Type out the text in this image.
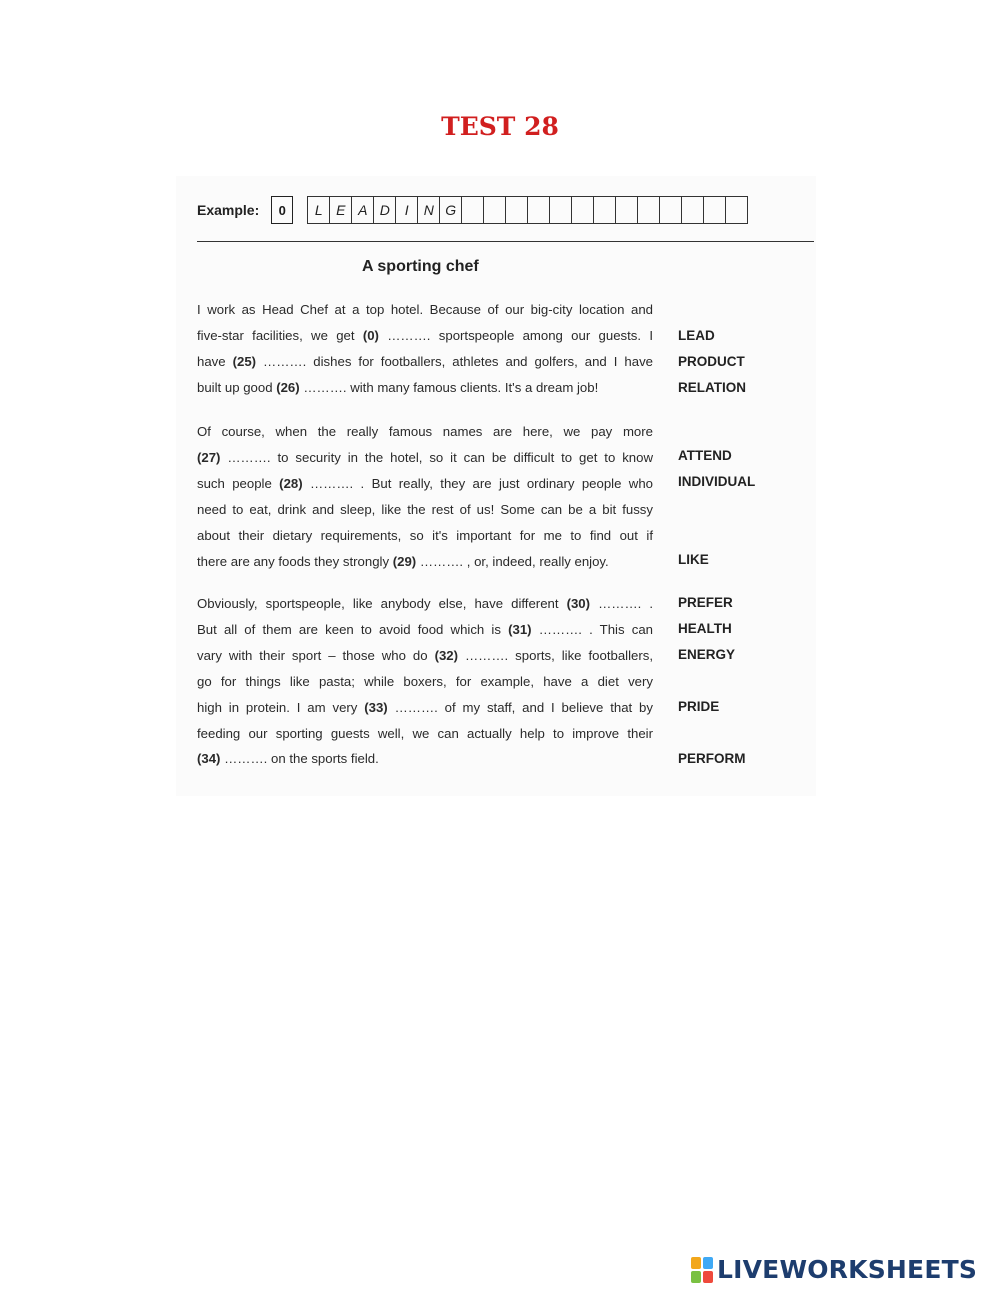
TEST 28
Example:	0	L E A D	I	N G
A sporting chef
I work as Head Chef at a top hotel. Because of our big-city location and
five-star facilities, we get (0) ………. sportspeople among our guests. I
have (25) ………. dishes for footballers, athletes and golfers, and I have
built up good (26) ………. with many famous clients. It's a dream job!
Of course, when the really famous names are here, we pay more
(27) ………. to security in the hotel, so it can be difficult to get to know
such people (28) ………. . But really, they are just ordinary people who
need to eat, drink and sleep, like the rest of us! Some can be a bit fussy
about their dietary requirements, so it's important for me to find out if
there are any foods they strongly (29) ………. , or, indeed, really enjoy.
Obviously, sportspeople, like anybody else, have different (30) ………. .
But all of them are keen to avoid food which is (31) ………. . This can
vary with their sport – those who do (32) ………. sports, like footballers,
go for things like pasta; while boxers, for example, have a diet very
high in protein. I am very (33) ………. of my staff, and I believe that by
feeding our sporting guests well, we can actually help to improve their
(34) ………. on the sports field.
LEAD
PRODUCT
RELATION
ATTEND
INDIVIDUAL
LIKE
PREFER
HEALTH
ENERGY
PRIDE
PERFORM
LIVEWORKSHEETS
